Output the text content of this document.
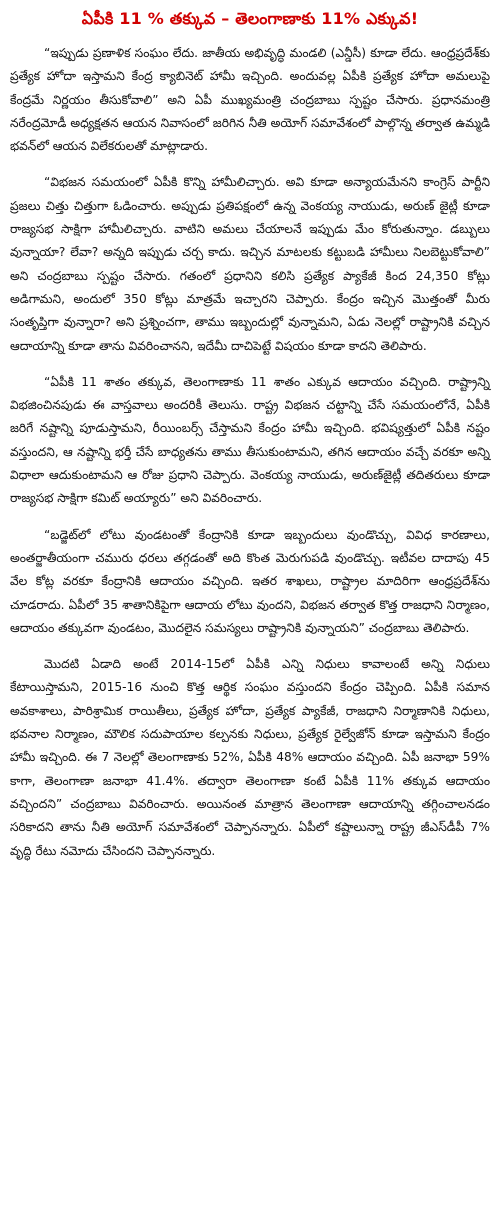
ఏపీకి 11 % తక్కువ – తెలంగాణాకు 11% ఎక్కువ!

“ఇప్పుడు ప్రణాళిక సంఘం లేదు. జాతీయ అభివృద్ధి మండలి (ఎన్డీసీ) కూడా లేదు. ఆంధ్రప్రదేశ్‌కు ప్రత్యేక హోదా ఇస్తామని కేంద్ర క్యాబినెట్ హామీ ఇచ్చింది. అందువల్ల ఏపీకి ప్రత్యేక హోదా అమలుపై కేంద్రమే నిర్ణయం తీసుకోవాలి” అని ఏపీ ముఖ్యమంత్రి చంద్రబాబు స్పష్టం చేసారు. ప్రధానమంత్రి నరేంద్రమోడీ అధ్యక్షతన ఆయన నివాసంలో జరిగిన నీతి అయోగ్ సమావేశంలో పాల్గొన్న తర్వాత ఉమ్మడి భవన్‌లో ఆయన విలేకరులతో మాట్లాడారు.

“విభజన సమయంలో ఏపీకి కొన్ని హామీలిచ్చారు. అవి కూడా అన్యాయమేనని కాంగ్రెస్ పార్టీని ప్రజలు చిత్తు చిత్తుగా ఓడించారు. అప్పుడు ప్రతిపక్షంలో ఉన్న వెంకయ్య నాయుడు, అరుణ్ జైట్లీ కూడా రాజ్యసభ సాక్షిగా హామీలిచ్చారు. వాటిని అమలు చేయాలనే ఇప్పుడు మేం కోరుతున్నాం. డబ్బులు వున్నాయా? లేవా? అన్నది ఇప్పుడు చర్చ కాదు. ఇచ్చిన మాటలకు కట్టుబడి హామీలు నిలబెట్టుకోవాలి” అని చంద్రబాబు స్పష్టం చేసారు. గతంలో ప్రధానిని కలిసి ప్రత్యేక ప్యాకేజీ కింద 24,350 కోట్లు అడిగామని, అందులో 350 కోట్లు మాత్రమే ఇచ్చారని చెప్పారు. కేంద్రం ఇచ్చిన మొత్తంతో మీరు సంతృప్తిగా వున్నారా? అని ప్రశ్నించగా, తాము ఇబ్బందుల్లో వున్నామని, ఏడు నెలల్లో రాష్ట్రానికి వచ్చిన ఆదాయాన్ని కూడా తాను వివరించానని, ఇదేమీ దాచిపెట్టే విషయం కూడా కాదని తెలిపారు.

“ఏపీకి 11 శాతం తక్కువ, తెలంగాణాకు 11 శాతం ఎక్కువ ఆదాయం వచ్చింది. రాష్ట్రాన్ని విభజించినపుడు ఈ వాస్తవాలు అందరికీ తెలుసు. రాష్ట్ర విభజన చట్టాన్ని చేసే సమయంలోనే, ఏపీకి జరిగే నష్టాన్ని పూడుస్తామని, రీయింబర్స్ చేస్తామని కేంద్రం హామీ ఇచ్చింది. భవిష్యత్తులో ఏపీకి నష్టం వస్తుందని, ఆ నష్టాన్ని భర్తీ చేసే బాధ్యతను తాము తీసుకుంటామని, తగిన ఆదాయం వచ్చే వరకూ అన్ని విధాలా ఆదుకుంటామని ఆ రోజు ప్రధాని చెప్పారు. వెంకయ్య నాయుడు, అరుణ్‌జైట్లీ తదితరులు కూడా రాజ్యసభ సాక్షిగా కమిట్ అయ్యారు” అని వివరించారు.

“బడ్జెట్‌లో లోటు వుండటంతో కేంద్రానికి కూడా ఇబ్బందులు వుండొచ్చు, వివిధ కారణాలు, అంతర్జాతీయంగా చమురు ధరలు తగ్గడంతో అది కొంత మెరుగుపడి వుండొచ్చు. ఇటీవల దాదాపు 45 వేల కోట్ల వరకూ కేంద్రానికి ఆదాయం వచ్చింది. ఇతర శాఖలు, రాష్ట్రాల మాదిరిగా ఆంధ్రప్రదేశ్‌ను చూడరాదు. ఏపీలో 35 శాతానికిపైగా ఆదాయ లోటు వుందని, విభజన తర్వాత కొత్త రాజధాని నిర్మాణం, ఆదాయం తక్కువగా వుండటం, మొదలైన సమస్యలు రాష్ట్రానికి వున్నాయని” చంద్రబాబు తెలిపారు.

మొదటి ఏడాది అంటే 2014-15లో ఏపీకి ఎన్ని నిధులు కావాలంటే అన్ని నిధులు కేటాయిస్తామని, 2015-16 నుంచి కొత్త ఆర్థిక సంఘం వస్తుందని కేంద్రం చెప్పింది. ఏపీకి సమాన అవకాశాలు, పారిశ్రామిక రాయితీలు, ప్రత్యేక హోదా, ప్రత్యేక ప్యాకేజీ, రాజధాని నిర్మాణానికి నిధులు, భవనాల నిర్మాణం, మౌలిక సదుపాయాల కల్పనకు నిధులు, ప్రత్యేక రైల్వేజోన్ కూడా ఇస్తామని కేంద్రం హామీ ఇచ్చింది. ఈ 7 నెలల్లో తెలంగాణాకు 52%, ఏపీకి 48% ఆదాయం వచ్చింది. ఏపీ జనాభా 59% కాగా, తెలంగాణా జనాభా 41.4%. తద్వారా తెలంగాణా కంటే ఏపీకి 11% తక్కువ ఆదాయం వచ్చిందని” చంద్రబాబు వివరించారు. అయినంత మాత్రాన తెలంగాణా ఆదాయాన్ని తగ్గించాలనడం సరికాదని తాను నీతి అయోగ్ సమావేశంలో చెప్పానన్నారు. ఏపీలో కష్టాలున్నా రాష్ట్ర జీఎస్‌డీపీ 7% వృద్ధి రేటు నమోదు చేసిందని చెప్పానన్నారు.
